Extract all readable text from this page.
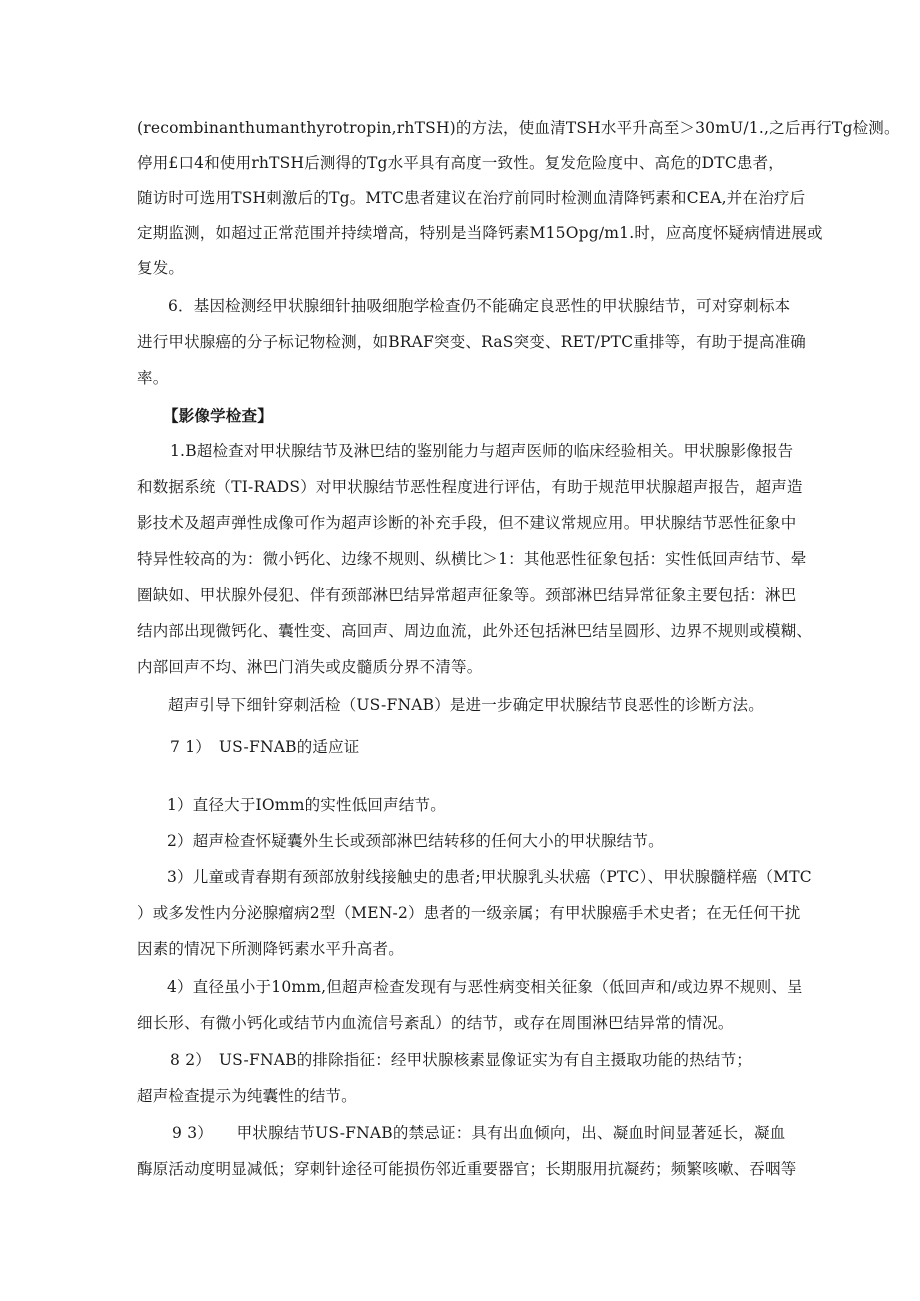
(recombinanthumanthyrotropin,rhTSH)的方法，使血清TSH水平升高至＞30mU/1.,之后再行Tg检测。
停用£口4和使用rhTSH后测得的Tg水平具有高度一致性。复发危险度中、高危的DTC患者，
随访时可选用TSH刺激后的Tg。MTC患者建议在治疗前同时检测血清降钙素和CEA,并在治疗后
定期监测，如超过正常范围并持续增高，特别是当降钙素M15Opg∕m1.时，应高度怀疑病情进展或
复发。
6．基因检测经甲状腺细针抽吸细胞学检查仍不能确定良恶性的甲状腺结节，可对穿刺标本
进行甲状腺癌的分子标记物检测，如BRAF突变、RaS突变、RET/PTC重排等，有助于提高准确
率。
【影像学检查】
1.B超检查对甲状腺结节及淋巴结的鉴别能力与超声医师的临床经验相关。甲状腺影像报告
和数据系统（TI-RADS）对甲状腺结节恶性程度进行评估，有助于规范甲状腺超声报告，超声造
影技术及超声弹性成像可作为超声诊断的补充手段，但不建议常规应用。甲状腺结节恶性征象中
特异性较高的为：微小钙化、边缘不规则、纵横比＞1：其他恶性征象包括：实性低回声结节、晕
圈缺如、甲状腺外侵犯、伴有颈部淋巴结异常超声征象等。颈部淋巴结异常征象主要包括：淋巴
结内部出现微钙化、囊性变、高回声、周边血流，此外还包括淋巴结呈圆形、边界不规则或模糊、
内部回声不均、淋巴门消失或皮髓质分界不清等。
超声引导下细针穿刺活检（US-FNAB）是进一步确定甲状腺结节良恶性的诊断方法。
7 1）　US-FNAB的适应证
1）直径大于IOmm的实性低回声结节。
2）超声检查怀疑囊外生长或颈部淋巴结转移的任何大小的甲状腺结节。
3）儿童或青春期有颈部放射线接触史的患者;甲状腺乳头状癌（PTC）、甲状腺髓样癌（MTC
）或多发性内分泌腺瘤病2型（MEN-2）患者的一级亲属；有甲状腺癌手术史者；在无任何干扰
因素的情况下所测降钙素水平升高者。
4）直径虽小于10mm,但超声检查发现有与恶性病变相关征象（低回声和/或边界不规则、呈
细长形、有微小钙化或结节内血流信号紊乱）的结节，或存在周围淋巴结异常的情况。
8 2）　US-FNAB的排除指征：经甲状腺核素显像证实为有自主摄取功能的热结节；
超声检查提示为纯囊性的结节。
9 3）　　甲状腺结节US-FNAB的禁忌证：具有出血倾向，出、凝血时间显著延长，凝血
酶原活动度明显减低；穿刺针途径可能损伤邻近重要器官；长期服用抗凝药；频繁咳嗽、吞咽等
